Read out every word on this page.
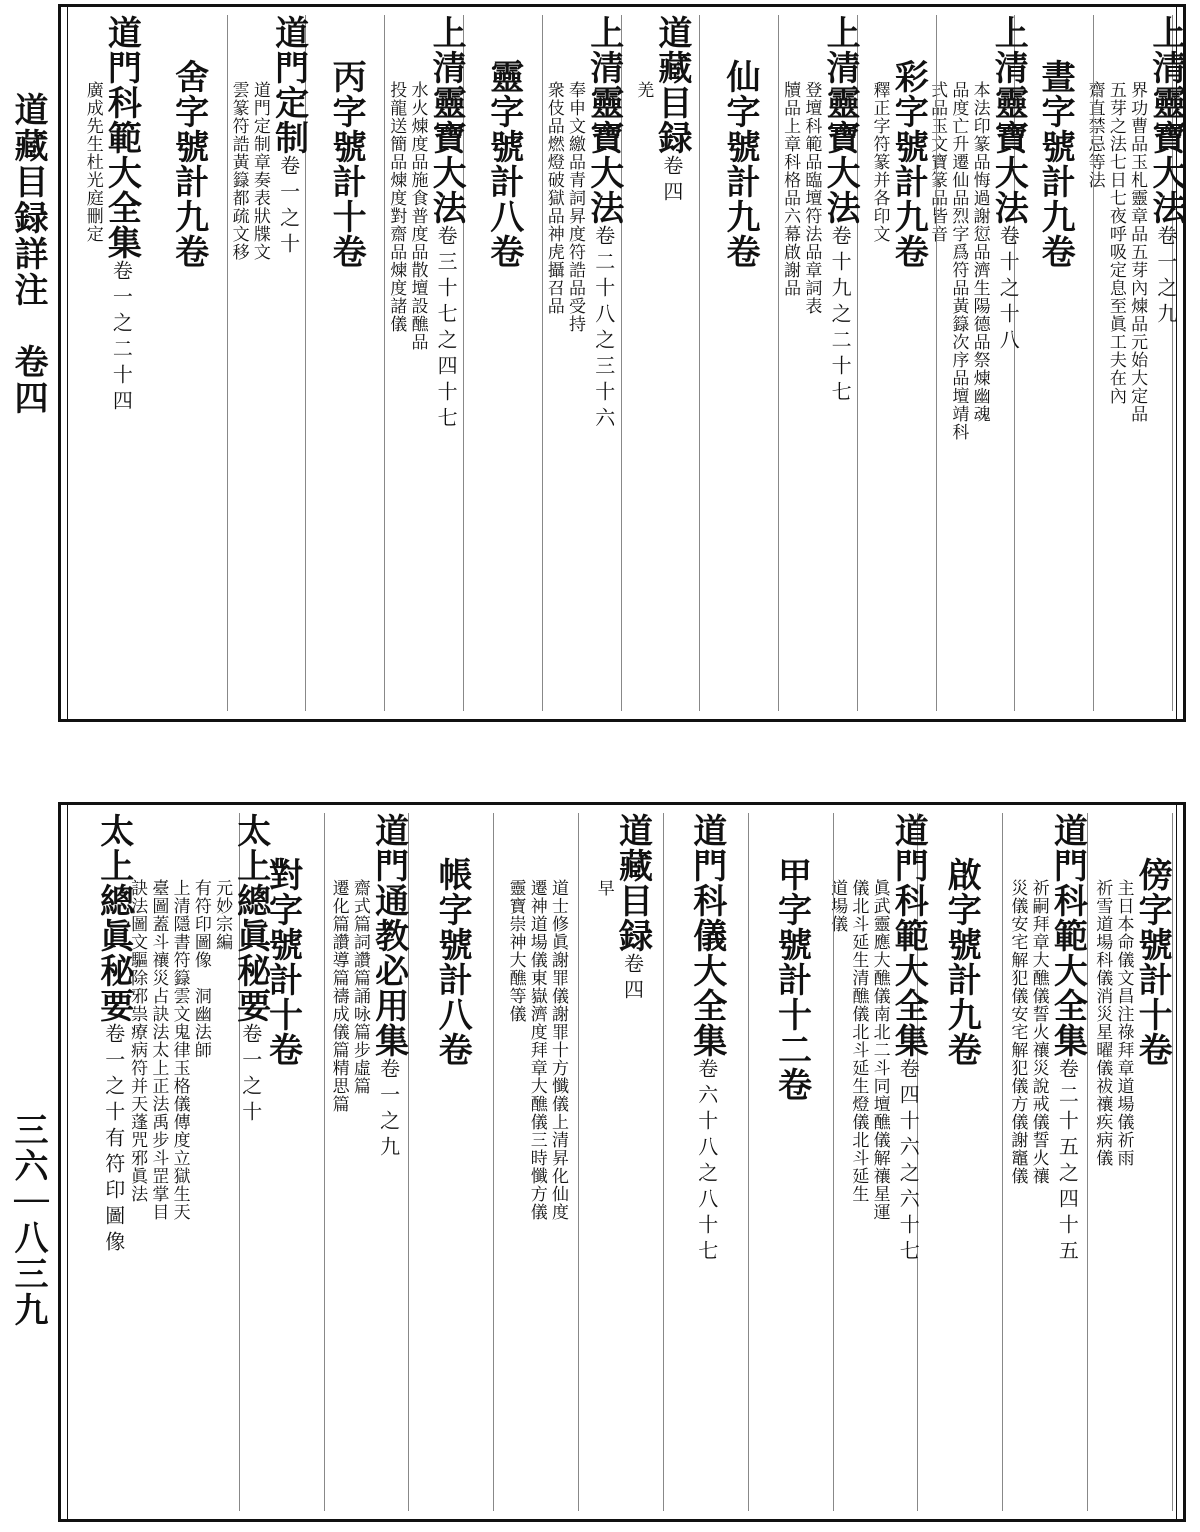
道藏目録詳注　卷四
三六｜八三九
上清靈寶大法卷一之九
界功曹品玉札靈章品五芽內煉品元始大定品
五芽之法七日七夜呼吸定息至眞工夫在內
齋直禁忌等法
晝字號計九卷
上清靈寶大法卷十之十八
本法印篆品悔過謝愆品濟生陽德品祭煉幽魂
品度亡升遷仙品烈字爲符品黃籙次序品壇靖科
式品玉文寶篆品皆音
彩字號計九卷
釋正字符篆并各印文
上清靈寶大法卷十九之二十七
登壇科範品臨壇符法品章詞表
牘品上章科格品六幕啟謝品
仙字號計九卷
道藏目録卷四
羌
上清靈寶大法卷二十八之三十六
奉申文繳品青詞昇度符誥品受持
衆伎品燃燈破獄品神虎攝召品
靈字號計八卷
上清靈寶大法卷三十七之四十七
水火煉度品施食普度品散壇設醮品
投龍送簡品煉度對齋品煉度諸儀
丙字號計十卷
道門定制卷一之十
道門定制章奏表狀牒文
雲篆符誥黃籙都疏文移
舍字號計九卷
道門科範大全集卷一之二十四
廣成先生杜光庭刪定
傍字號計十卷
主日本命儀文昌注祿拜章道場儀祈雨
祈雪道場科儀消災星曜儀祓禳疾病儀
道門科範大全集卷二十五之四十五
祈嗣拜章大醮儀誓火禳災說戒儀誓火禳
災儀安宅解犯儀安宅解犯儀方儀謝竈儀
啟字號計九卷
道門科範大全集卷四十六之六十七
眞武靈應大醮儀南北二斗同壇醮儀解禳星運
儀北斗延生清醮儀北斗延生燈儀北斗延生
道場儀
甲字號計十二卷
道門科儀大全集卷六十八之八十七
道藏目録卷四
早
道士修眞謝罪儀謝罪十方懺儀上清昇化仙度
遷神道場儀東嶽濟度拜章大醮儀三時懺方儀
靈寶崇神大醮等儀
帳字號計八卷
道門通教必用集卷一之九
齋式篇詞讚篇誦咏篇步虛篇
遷化篇讚導篇禱成儀篇精思篇
對字號計十卷
太上總眞秘要卷一之十
元妙宗編
有符印圖像　洞幽法師
上清隱書符籙雲文鬼律玉格儀傳度立獄生天
臺圖蓋斗禳災占訣法太上正法禹步斗罡掌目
訣法圖文驅除邪祟療病符并天蓬咒邪眞法
太上總眞秘要卷一之十有符印圖像
